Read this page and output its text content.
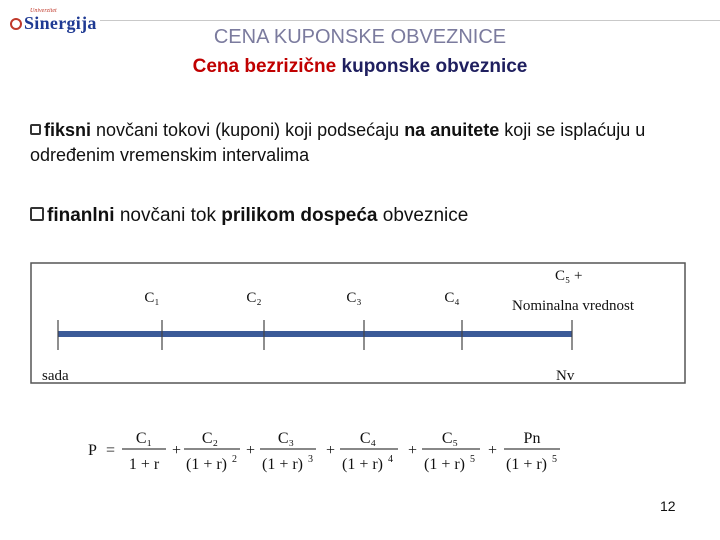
Univerzitet
Sinergija
CENA KUPONSKE OBVEZNICE
Cena bezrizične kuponske obveznice
fiksni novčani tokovi (kuponi) koji podsećaju na anuitete koji se isplaćuju u određenim vremenskim intervalima
finanlni novčani tok prilikom dospeća obveznice
C₁	C₂	C₃	C₄
C₅ +
Nominalna vrednost
sada	Nv
P =
C₁
1 + r
+
C₂
(1 + r) 2
+
C₃
(1 + r) 3
+
C₄
(1 + r) 4
+
C₅
(1 + r) 5
+
Pn
(1 + r) 5
12
